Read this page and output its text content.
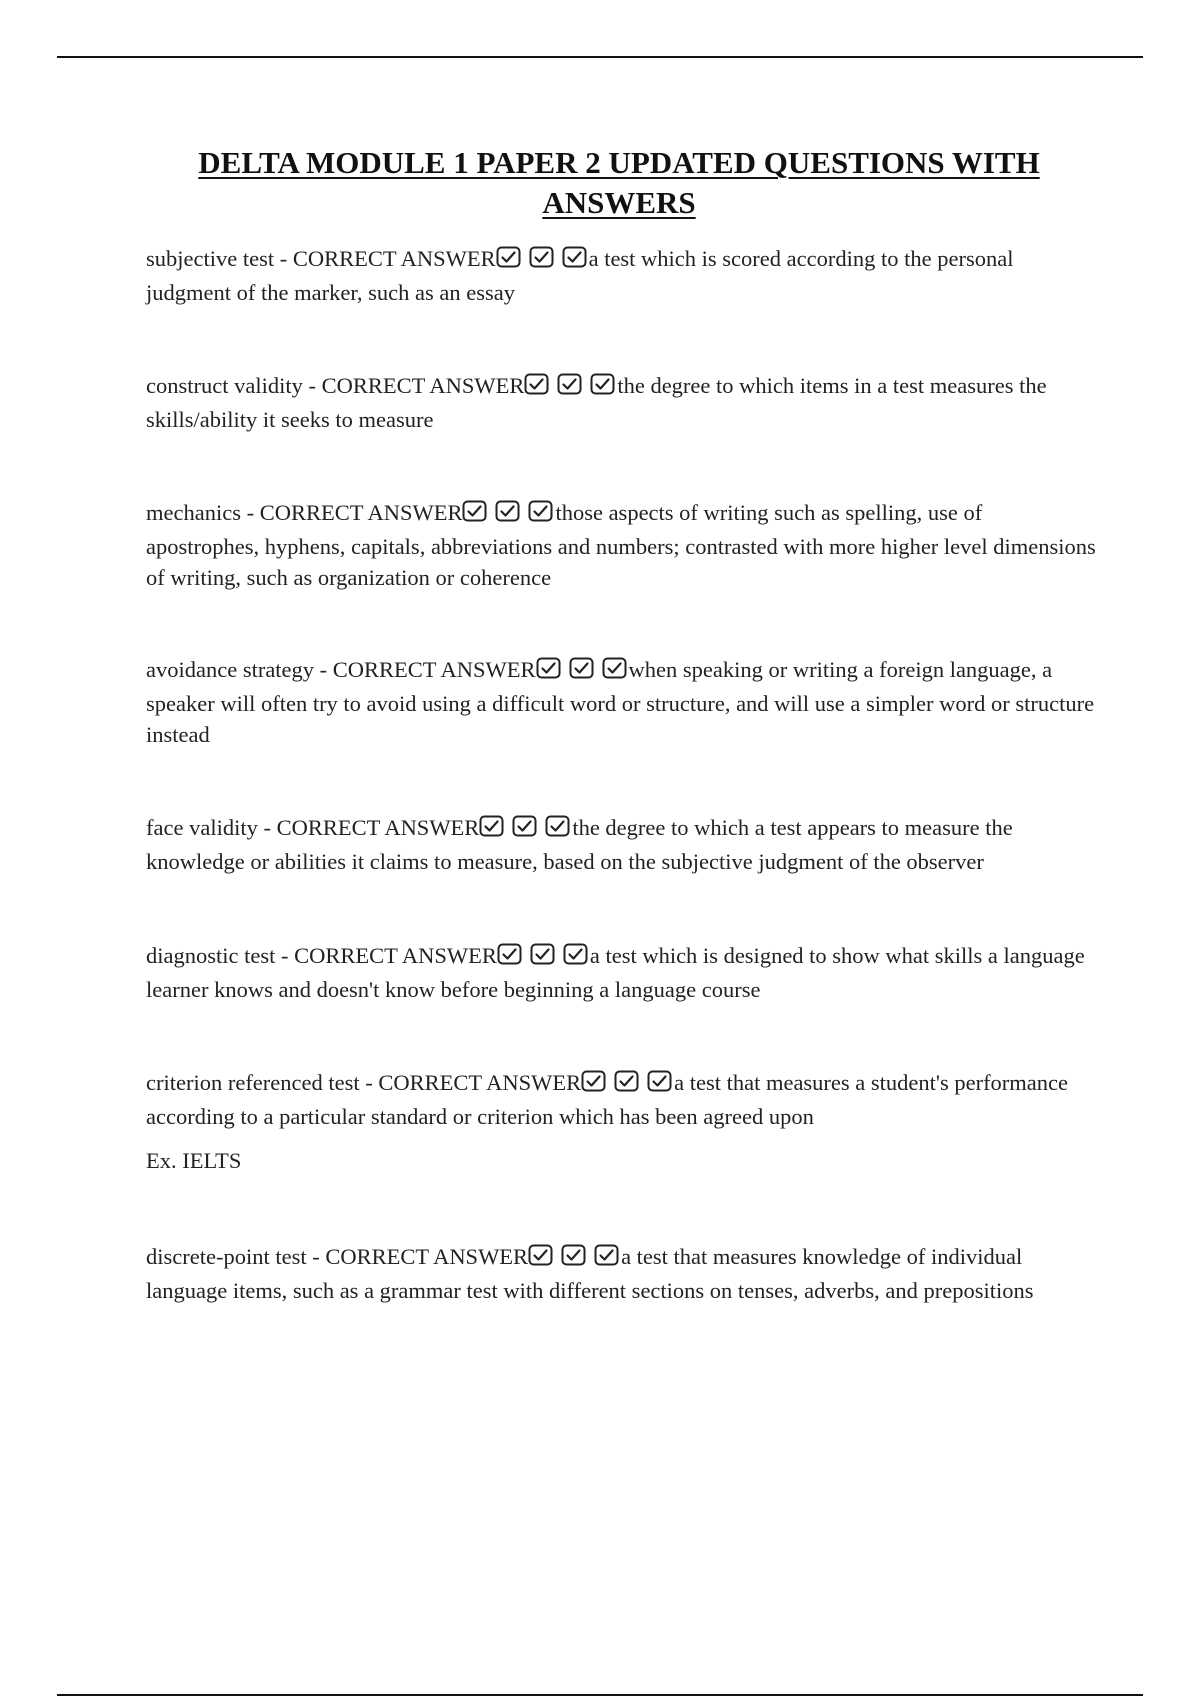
DELTA MODULE 1 PAPER 2 UPDATED QUESTIONS WITH ANSWERS
subjective test - CORRECT ANSWER	a test which is scored according to the personal judgment of the marker, such as an essay
construct validity - CORRECT ANSWER	the degree to which items in a test measures the skills/ability it seeks to measure
mechanics - CORRECT ANSWER	those aspects of writing such as spelling, use of apostrophes, hyphens, capitals, abbreviations and numbers; contrasted with more higher level dimensions of writing, such as organization or coherence
avoidance strategy - CORRECT ANSWER	when speaking or writing a foreign language, a speaker will often try to avoid using a difficult word or structure, and will use a simpler word or structure instead
face validity - CORRECT ANSWER	the degree to which a test appears to measure the knowledge or abilities it claims to measure, based on the subjective judgment of the observer
diagnostic test - CORRECT ANSWER	a test which is designed to show what skills a language learner knows and doesn't know before beginning a language course
criterion referenced test - CORRECT ANSWER	a test that measures a student's performance according to a particular standard or criterion which has been agreed upon
Ex. IELTS
discrete-point test - CORRECT ANSWER	a test that measures knowledge of individual language items, such as a grammar test with different sections on tenses, adverbs, and prepositions
